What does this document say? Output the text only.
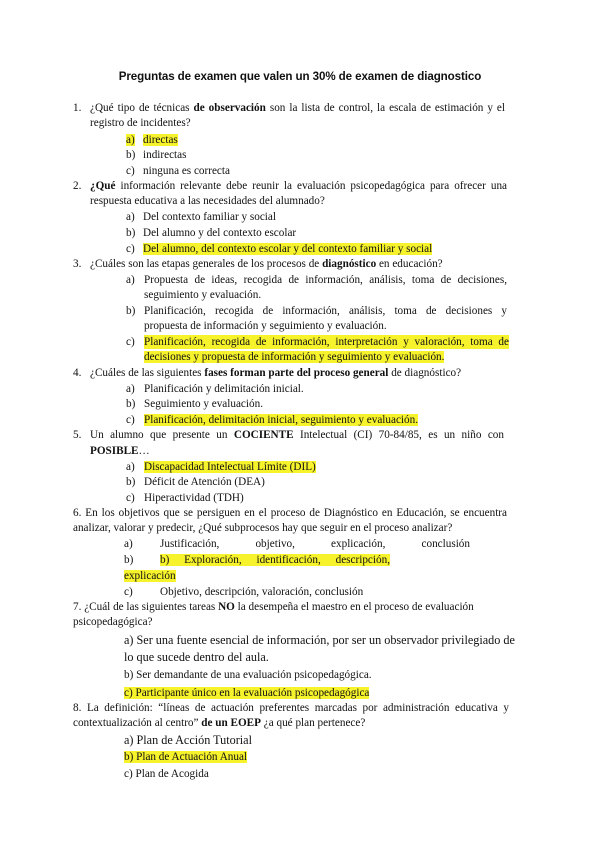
Preguntas de examen que valen un 30% de examen de diagnostico
1. ¿Qué tipo de técnicas de observación son la lista de control, la escala de estimación y el
registro de incidentes?
a) directas
b) indirectas
c) ninguna es correcta
2. ¿Qué información relevante debe reunir la evaluación psicopedagógica para ofrecer una
respuesta educativa a las necesidades del alumnado?
a) Del contexto familiar y social
b) Del alumno y del contexto escolar
c) Del alumno, del contexto escolar y del contexto familiar y social
3. ¿Cuáles son las etapas generales de los procesos de diagnóstico en educación?
a) Propuesta de ideas, recogida de información, análisis, toma de decisiones,
seguimiento y evaluación.
b) Planificación, recogida de información, análisis, toma de decisiones y
propuesta de información y seguimiento y evaluación.
c) Planificación, recogida de información, interpretación y valoración, toma de
decisiones y propuesta de información y seguimiento y evaluación.
4. ¿Cuáles de las siguientes fases forman parte del proceso general de diagnóstico?
a) Planificación y delimitación inicial.
b) Seguimiento y evaluación.
c) Planificación, delimitación inicial, seguimiento y evaluación.
5. Un alumno que presente un COCIENTE Intelectual (CI) 70-84/85, es un niño con
POSIBLE…
a) Discapacidad Intelectual Límite (DIL)
b) Déficit de Atención (DEA)
c) Hiperactividad (TDH)
6. En los objetivos que se persiguen en el proceso de Diagnóstico en Educación, se encuentra
analizar, valorar y predecir, ¿Qué subprocesos hay que seguir en el proceso analizar?
a) Justificación, objetivo, explicación, conclusión
b) b) Exploración, identificación, descripción,
explicación
c) Objetivo, descripción, valoración, conclusión
7. ¿Cuál de las siguientes tareas NO la desempeña el maestro en el proceso de evaluación
psicopedagógica?
a) Ser una fuente esencial de información, por ser un observador privilegiado de
lo que sucede dentro del aula.
b) Ser demandante de una evaluación psicopedagógica.
c) Participante único en la evaluación psicopedagógica
8. La definición: “líneas de actuación preferentes marcadas por administración educativa y
contextualización al centro” de un EOEP ¿a qué plan pertenece?
a) Plan de Acción Tutorial
b) Plan de Actuación Anual
c) Plan de Acogida
